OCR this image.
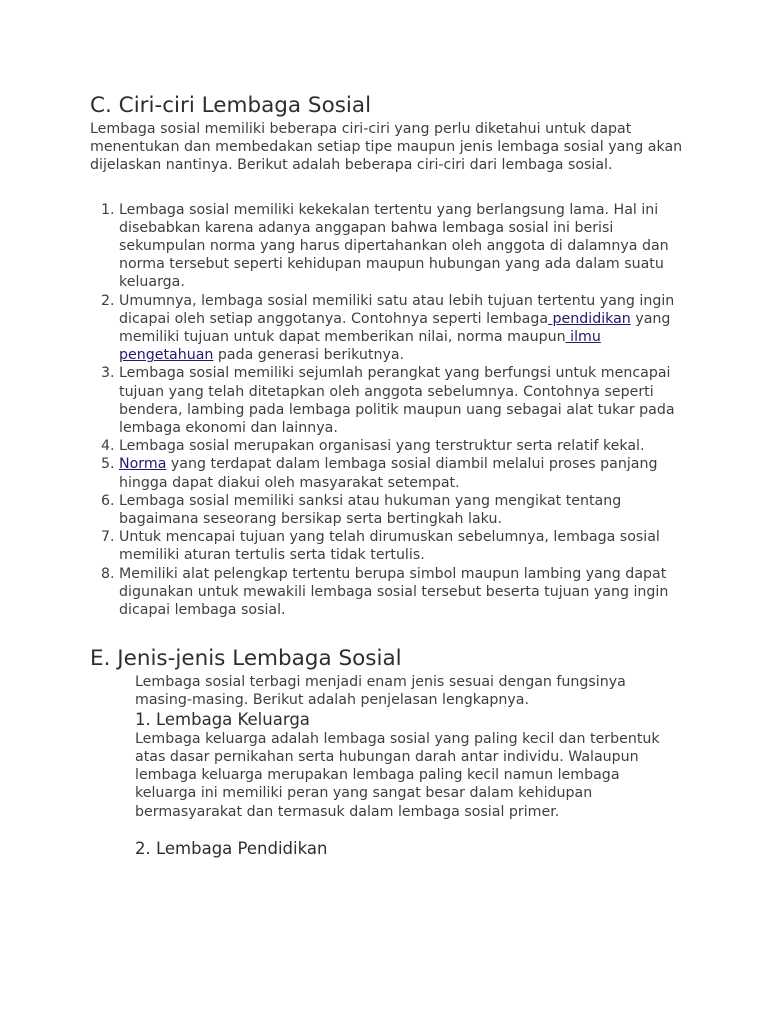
C. Ciri-ciri Lembaga Sosial

Lembaga sosial memiliki beberapa ciri-ciri yang perlu diketahui untuk dapat menentukan dan membedakan setiap tipe maupun jenis lembaga sosial yang akan dijelaskan nantinya. Berikut adalah beberapa ciri-ciri dari lembaga sosial.

1. Lembaga sosial memiliki kekekalan tertentu yang berlangsung lama. Hal ini disebabkan karena adanya anggapan bahwa lembaga sosial ini berisi sekumpulan norma yang harus dipertahankan oleh anggota di dalamnya dan norma tersebut seperti kehidupan maupun hubungan yang ada dalam suatu keluarga.
2. Umumnya, lembaga sosial memiliki satu atau lebih tujuan tertentu yang ingin dicapai oleh setiap anggotanya. Contohnya seperti lembaga pendidikan yang memiliki tujuan untuk dapat memberikan nilai, norma maupun ilmu pengetahuan pada generasi berikutnya.
3. Lembaga sosial memiliki sejumlah perangkat yang berfungsi untuk mencapai tujuan yang telah ditetapkan oleh anggota sebelumnya. Contohnya seperti bendera, lambing pada lembaga politik maupun uang sebagai alat tukar pada lembaga ekonomi dan lainnya.
4. Lembaga sosial merupakan organisasi yang terstruktur serta relatif kekal.
5. Norma yang terdapat dalam lembaga sosial diambil melalui proses panjang hingga dapat diakui oleh masyarakat setempat.
6. Lembaga sosial memiliki sanksi atau hukuman yang mengikat tentang bagaimana seseorang bersikap serta bertingkah laku.
7. Untuk mencapai tujuan yang telah dirumuskan sebelumnya, lembaga sosial memiliki aturan tertulis serta tidak tertulis.
8. Memiliki alat pelengkap tertentu berupa simbol maupun lambing yang dapat digunakan untuk mewakili lembaga sosial tersebut beserta tujuan yang ingin dicapai lembaga sosial.
E. Jenis-jenis Lembaga Sosial

Lembaga sosial terbagi menjadi enam jenis sesuai dengan fungsinya masing-masing. Berikut adalah penjelasan lengkapnya.

1. Lembaga Keluarga

Lembaga keluarga adalah lembaga sosial yang paling kecil dan terbentuk atas dasar pernikahan serta hubungan darah antar individu. Walaupun lembaga keluarga merupakan lembaga paling kecil namun lembaga keluarga ini memiliki peran yang sangat besar dalam kehidupan bermasyarakat dan termasuk dalam lembaga sosial primer.

2. Lembaga Pendidikan
